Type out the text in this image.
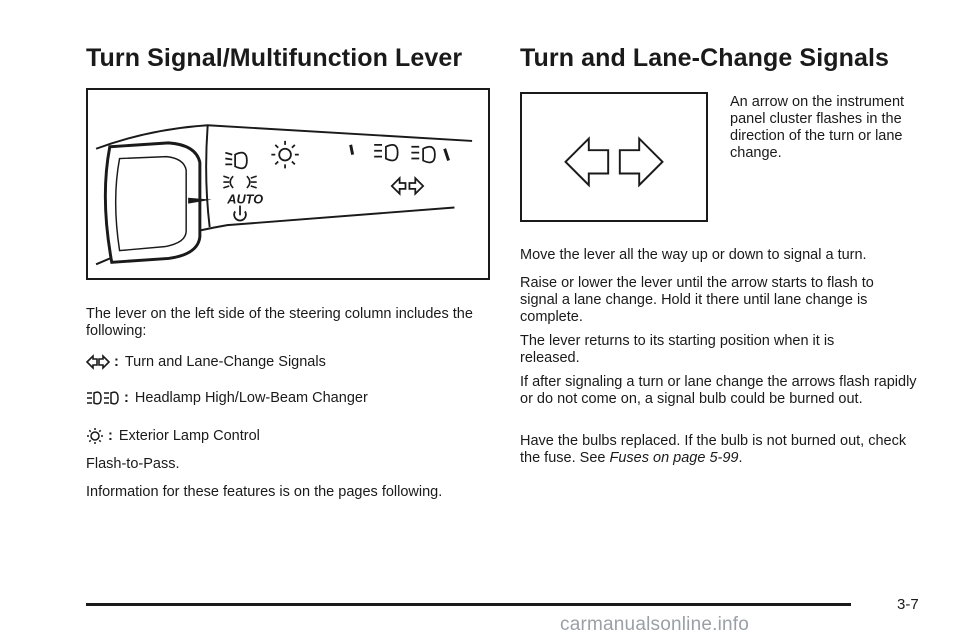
Turn Signal/Multifunction Lever
AUTO

The lever on the left side of the steering column includes the following:

: Turn and Lane-Change Signals
: Headlamp High/Low-Beam Changer
: Exterior Lamp Control

Flash-to-Pass.

Information for these features is on the pages following.

Turn and Lane-Change Signals

An arrow on the instrument panel cluster flashes in the direction of the turn or lane change.

Move the lever all the way up or down to signal a turn.

Raise or lower the lever until the arrow starts to flash to signal a lane change. Hold it there until lane change is complete.

The lever returns to its starting position when it is released.

If after signaling a turn or lane change the arrows flash rapidly or do not come on, a signal bulb could be burned out.

Have the bulbs replaced. If the bulb is not burned out, check the fuse. See Fuses on page 5-99.

3-7
carmanualsonline.info
